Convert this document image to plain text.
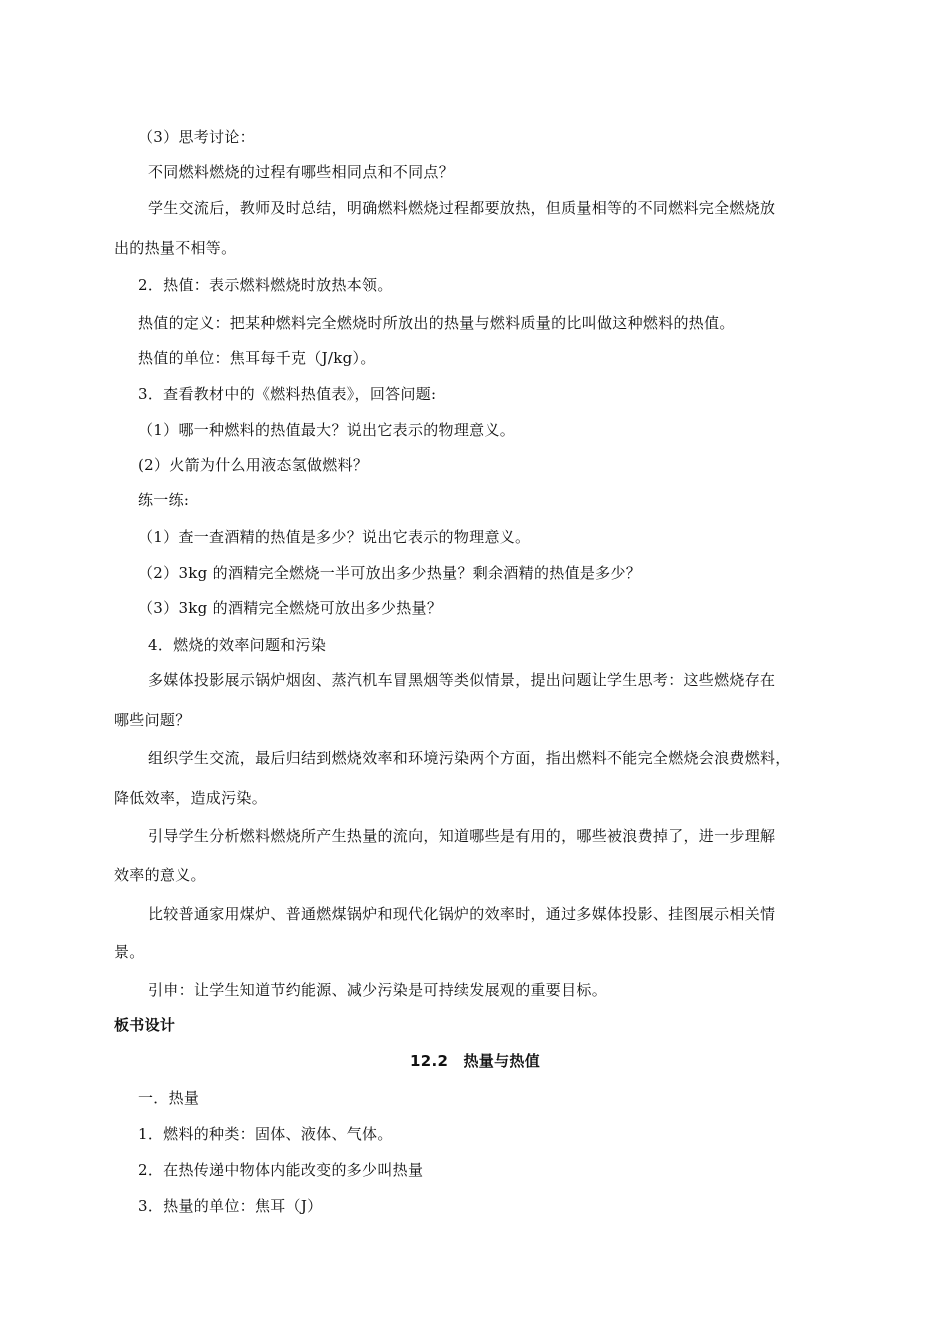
（3）思考讨论：
不同燃料燃烧的过程有哪些相同点和不同点？
学生交流后，教师及时总结，明确燃料燃烧过程都要放热，但质量相等的不同燃料完全燃烧放
出的热量不相等。
2．热值：表示燃料燃烧时放热本领。
热值的定义：把某种燃料完全燃烧时所放出的热量与燃料质量的比叫做这种燃料的热值。
热值的单位：焦耳每千克（J/kg）。
3．查看教材中的《燃料热值表》，回答问题:
（1）哪一种燃料的热值最大？说出它表示的物理意义。
(2）火箭为什么用液态氢做燃料？
练一练:
（1）查一查酒精的热值是多少？说出它表示的物理意义。
（2）3kg 的酒精完全燃烧一半可放出多少热量？剩余酒精的热值是多少？
（3）3kg 的酒精完全燃烧可放出多少热量？
4．燃烧的效率问题和污染
多媒体投影展示锅炉烟囱、蒸汽机车冒黑烟等类似情景，提出问题让学生思考：这些燃烧存在
哪些问题？
组织学生交流，最后归结到燃烧效率和环境污染两个方面，指出燃料不能完全燃烧会浪费燃料，
降低效率，造成污染。
引导学生分析燃料燃烧所产生热量的流向，知道哪些是有用的，哪些被浪费掉了，进一步理解
效率的意义。
比较普通家用煤炉、普通燃煤锅炉和现代化锅炉的效率时，通过多媒体投影、挂图展示相关情
景。
引申：让学生知道节约能源、减少污染是可持续发展观的重要目标。
板书设计
12.2　热量与热值
一．热量
1．燃料的种类：固体、液体、气体。
2．在热传递中物体内能改变的多少叫热量
3．热量的单位：焦耳（J）
